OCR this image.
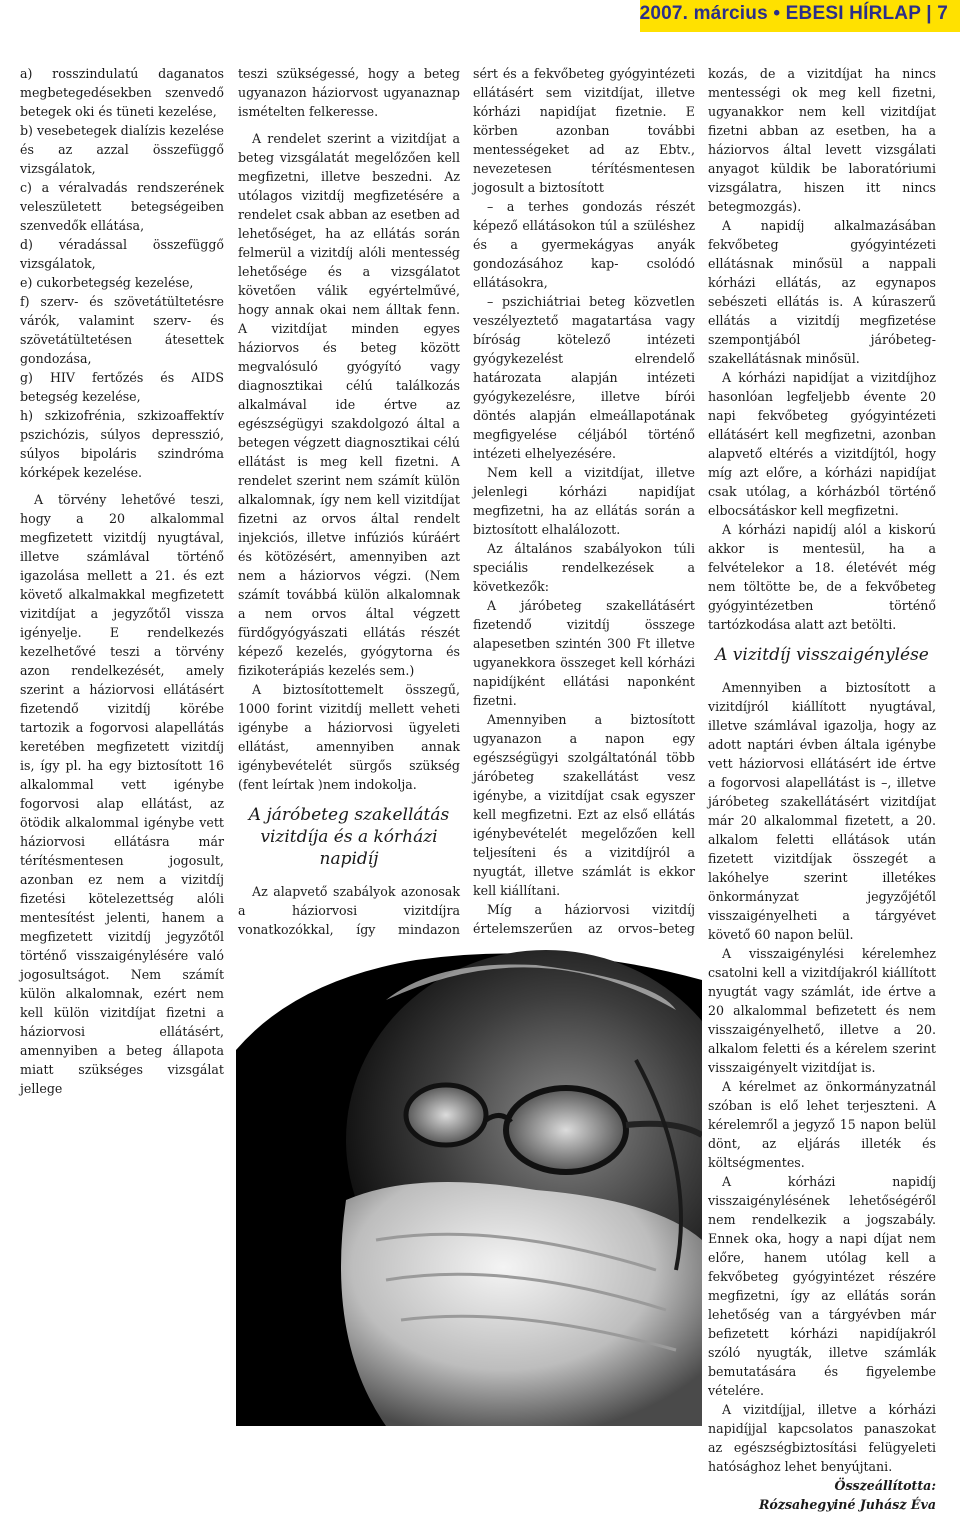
2007. március • EBESI HÍRLAP | 7

a) rosszindulatú daganatos megbetegedésekben szenvedő betegek oki és tüneti kezelése,

b) vesebetegek dialízis kezelése és az azzal összefüggő vizsgálatok,

c) a véralvadás rendszerének veleszületett betegségeiben szenvedők ellátása,

d) véradással összefüggő vizsgálatok,

e) cukorbetegség kezelése,

f) szerv- és szövetátültetésre várók, valamint szerv- és szövetátültetésen átesettek gondozása,

g) HIV fertőzés és AIDS betegség kezelése,

h) szkizofrénia, szkizoaffektív pszichózis, súlyos depresszió, súlyos bipoláris szindróma kórképek kezelése.

A törvény lehetővé teszi, hogy a 20 alkalommal megfizetett vizitdíj nyugtával, illetve számlával történő igazolása mellett a 21. és ezt követő alkalmakkal megfizetett vizitdíjat a jegyzőtől vissza igényelje. E rendelkezés kezelhetővé teszi a törvény azon rendelkezését, amely szerint a háziorvosi ellátásért fizetendő vizitdíj körébe tartozik a fogorvosi alapellátás keretében megfizetett vizitdíj is, így pl. ha egy biztosított 16 alkalommal vett igénybe fogorvosi alap ellátást, az ötödik alkalommal igénybe vett háziorvosi ellátásra már térítésmentesen jogosult, azonban ez nem a vizitdíj fizetési kötelezettség alóli mentesítést jelenti, hanem a megfizetett vizitdíj jegyzőtől történő visszaigénylésére való jogosultságot. Nem számít külön alkalomnak, ezért nem kell külön vizitdíjat fizetni a háziorvosi ellátásért, amennyiben a beteg állapota miatt szükséges vizsgálat jellege

teszi szükségessé, hogy a beteg ugyanazon háziorvost ugyanaznap ismételten felkeresse.

A rendelet szerint a vizitdíjat a beteg vizsgálatát megelőzően kell megfizetni, illetve beszedni. Az utólagos vizitdíj megfizetésére a rendelet csak abban az esetben ad lehetőséget, ha az ellátás során felmerül a vizitdíj alóli mentesség lehetősége és a vizsgálatot követően válik egyértelművé, hogy annak okai nem álltak fenn. A vizitdíjat minden egyes háziorvos és beteg között megvalósuló gyógyító vagy diagnosztikai célú találkozás alkalmával ide értve az egészségügyi szakdolgozó által a betegen végzett diagnosztikai célú ellátást is meg kell fizetni. A rendelet szerint nem számít külön alkalomnak, így nem kell vizitdíjat fizetni az orvos által rendelt injekciós, illetve infúziós kúráért és kötözésért, amennyiben azt nem a háziorvos végzi. (Nem számít továbbá külön alkalomnak a nem orvos által végzett fürdőgyógyászati ellátás részét képező kezelés, gyógytorna és fizikoterápiás kezelés sem.)

A biztosítottemelt összegű, 1000 forint vizitdíj mellett veheti igénybe a háziorvosi ügyeleti ellátást, amennyiben annak igénybevételét sürgős szükség (fent leírtak )nem indokolja.

A járóbeteg szakellátás vizitdíja és a kórházi napidíj

Az alapvető szabályok azonosak a háziorvosi vizitdíjra vonatkozókkal, így mindazon

sért és a fekvőbeteg gyógyintézeti ellátásért sem vizitdíjat, illetve kórházi napidíjat fizetnie. E körben azonban további mentességeket ad az Ebtv., nevezetesen térítésmentesen jogosult a biztosított

– a terhes gondozás részét képező ellátásokon túl a szüléshez és a gyermekágyas anyák gondozásához kap- csolódó ellátásokra,

– pszichiátriai beteg közvetlen veszélyeztető magatartása vagy bíróság kötelező intézeti gyógykezelést elrendelő határozata alapján intézeti gyógykezelésre, illetve bírói döntés alapján elmeállapotának megfigyelése céljából történő intézeti elhelyezésére.

Nem kell a vizitdíjat, illetve jelenlegi kórházi napidíjat megfizetni, ha az ellátás során a biztosított elhalálozott.

Az általános szabályokon túli speciális rendelkezések a következők:

A járóbeteg szakellátásért fizetendő vizitdíj összege alapesetben szintén 300 Ft illetve ugyanekkora összeget kell kórházi napidíjként ellátási naponként fizetni.

Amennyiben a biztosított ugyanazon a napon egy egészségügyi szolgáltatónál több járóbeteg szakellátást vesz igénybe, a vizitdíjat csak egyszer kell megfizetni. Ezt az első ellátás igénybevételét megelőzően kell teljesíteni és a vizitdíjról a nyugtát, illetve számlát is ekkor kell kiállítani.

Míg a háziorvosi vizitdíj értelemszerűen az orvos–beteg

kozás, de a vizitdíjat ha nincs mentességi ok meg kell fizetni, ugyanakkor nem kell vizitdíjat fizetni abban az esetben, ha a háziorvos által levett vizsgálati anyagot küldik be laboratóriumi vizsgálatra, hiszen itt nincs betegmozgás).

A napidíj alkalmazásában fekvőbeteg gyógyintézeti ellátásnak minősül a nappali kórházi ellátás, az egynapos sebészeti ellátás is. A kúraszerű ellátás a vizitdíj megfizetése szempontjából járóbeteg-szakellátásnak minősül.

A kórházi napidíjat a vizitdíjhoz hasonlóan legfeljebb évente 20 napi fekvőbeteg gyógyintézeti ellátásért kell megfizetni, azonban alapvető eltérés a vizitdíjtól, hogy míg azt előre, a kórházi napidíjat csak utólag, a kórházból történő elbocsátáskor kell megfizetni.

A kórházi napidíj alól a kiskorú akkor is mentesül, ha a felvételekor a 18. életévét még nem töltötte be, de a fekvőbeteg gyógyintézetben történő tartózkodása alatt azt betölti.

A vizitdíj visszaigénylése

Amennyiben a biztosított a vizitdíjról kiállított nyugtával, illetve számlával igazolja, hogy az adott naptári évben általa igénybe vett háziorvosi ellátásért ide értve a fogorvosi alapellátást is –, illetve járóbeteg szakellátásért vizitdíjat már 20 alkalommal fizetett, a 20. alkalom feletti ellátások után fizetett vizitdíjak összegét a lakóhelye szerint illetékes önkormányzat jegyzőjétől visszaigényelheti a tárgyévet követő 60 napon belül.

A visszaigénylési kérelemhez csatolni kell a vizitdíjakról kiállított nyugtát vagy számlát, ide értve a 20 alkalommal befizetett és nem visszaigényelhető, illetve a 20. alkalom feletti és a kérelem szerint visszaigényelt vizitdíjat is.

A kérelmet az önkormányzatnál szóban is elő lehet terjeszteni. A kérelemről a jegyző 15 napon belül dönt, az eljárás illeték és költségmentes.

A kórházi napidíj visszaigénylésének lehetőségéről nem rendelkezik a jogszabály. Ennek oka, hogy a napi díjat nem előre, hanem utólag kell a fekvőbeteg gyógyintézet részére megfizetni, így az ellátás során lehetőség van a tárgyévben már befizetett kórházi napidíjakról szóló nyugták, illetve számlák bemutatására és figyelembe vételére.

A vizitdíjjal, illetve a kórházi napidíjjal kapcsolatos panaszokat az egészségbiztosítási felügyeleti hatósághoz lehet benyújtani.

Összeállította:

Rózsahegyiné Juhász Éva
